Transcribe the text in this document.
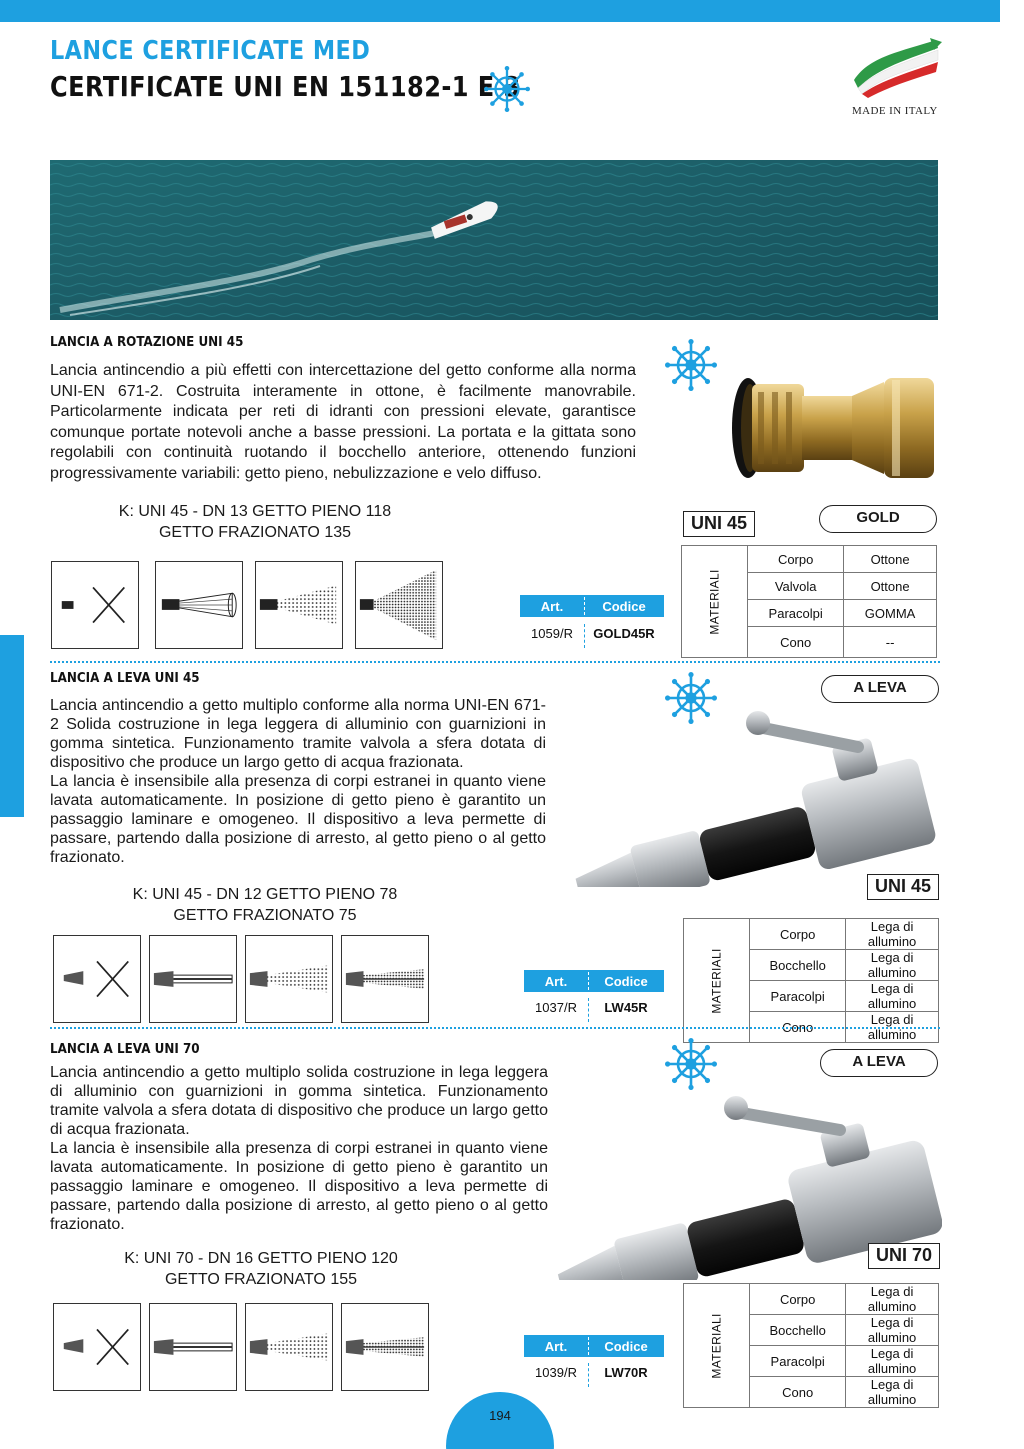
LANCE CERTIFICATE MED
CERTIFICATE UNI EN 151182-1 E 3
MADE IN ITALY
LANCIA A ROTAZIONE UNI 45
Lancia antincendio a più effetti con intercettazione del getto conforme alla norma UNI-EN 671-2. Costruita interamente in ottone, è facilmente manovrabile. Particolarmente indicata per reti di idranti con pressioni elevate, garantisce comunque portate notevoli anche a basse pressioni. La portata e la gittata sono regolabili con continuità ruotando il bocchello anteriore, ottenendo funzioni progressivamente variabili: getto pieno, nebulizzazione e velo diffuso.
K: UNI 45 - DN 13 GETTO PIENO 118
GETTO FRAZIONATO 135
Art.	Codice
1059/R	GOLD45R
UNI 45	GOLD
MATERIALI	Corpo	Ottone
	Valvola	Ottone
	Paracolpi	GOMMA
	Cono	--
LANCIA A LEVA UNI 45

Lancia antincendio a getto multiplo conforme alla norma UNI-EN 671-2 Solida costruzione in lega leggera di alluminio con guarnizioni in gomma sintetica. Funzionamento tramite valvola a sfera dotata di dispositivo che produce un largo getto di acqua frazionata.

La lancia è insensibile alla presenza di corpi estranei in quanto viene lavata automaticamente. In posizione di getto pieno è garantito un passaggio laminare e omogeneo. Il dispositivo a leva permette di passare, partendo dalla posizione di arresto, al getto pieno o al getto frazionato.

A LEVA
UNI 45
K: UNI 45 - DN 12 GETTO PIENO 78
GETTO FRAZIONATO 75
Art.	Codice
1037/R	LW45R	MATERIALI	Corpo	Lega di allumino
	Bocchello	Lega di allumino
	Paracolpi	Lega di allumino
	Cono	Lega di allumino
LANCIA A LEVA UNI 70

Lancia antincendio a getto multiplo solida costruzione in lega leggera di alluminio con guarnizioni in gomma sintetica. Funzionamento tramite valvola a sfera dotata di dispositivo che produce un largo getto di acqua frazionata.

La lancia è insensibile alla presenza di corpi estranei in quanto viene lavata automaticamente. In posizione di getto pieno è garantito un passaggio laminare e omogeneo. Il dispositivo a leva permette di passare, partendo dalla posizione di arresto, al getto pieno o al getto frazionato.

A LEVA
UNI 70
K: UNI 70 - DN 16 GETTO PIENO 120
GETTO FRAZIONATO 155
Art.	Codice
1039/R	LW70R	MATERIALI	Corpo	Lega di allumino
	Bocchello	Lega di allumino
	Paracolpi	Lega di allumino
	Cono	Lega di allumino
194
